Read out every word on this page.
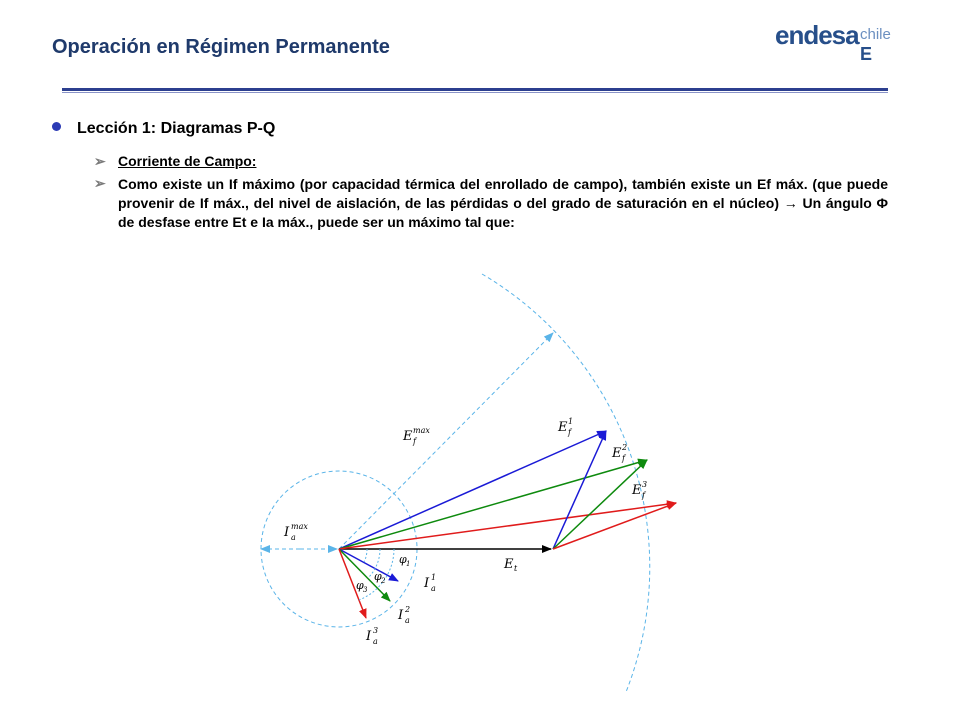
Operación en Régimen Permanente	endesa chile
E
Lección 1: Diagramas P-Q
➢ Corriente de Campo:
➢ Como existe un If máximo (por capacidad térmica del enrollado de campo), también existe un Ef máx. (que puede provenir de If máx., del nivel de aislación, de las pérdidas o del grado de saturación en el núcleo) → Un ángulo Φ de desfase entre Et e Ia máx., puede ser un máximo tal que:
E max
f
I max
a
E 1
f
E 2
f
E 3
f
E t
I 1
a
I 2
a
I 3
a
φ 1
φ 2
φ 3
